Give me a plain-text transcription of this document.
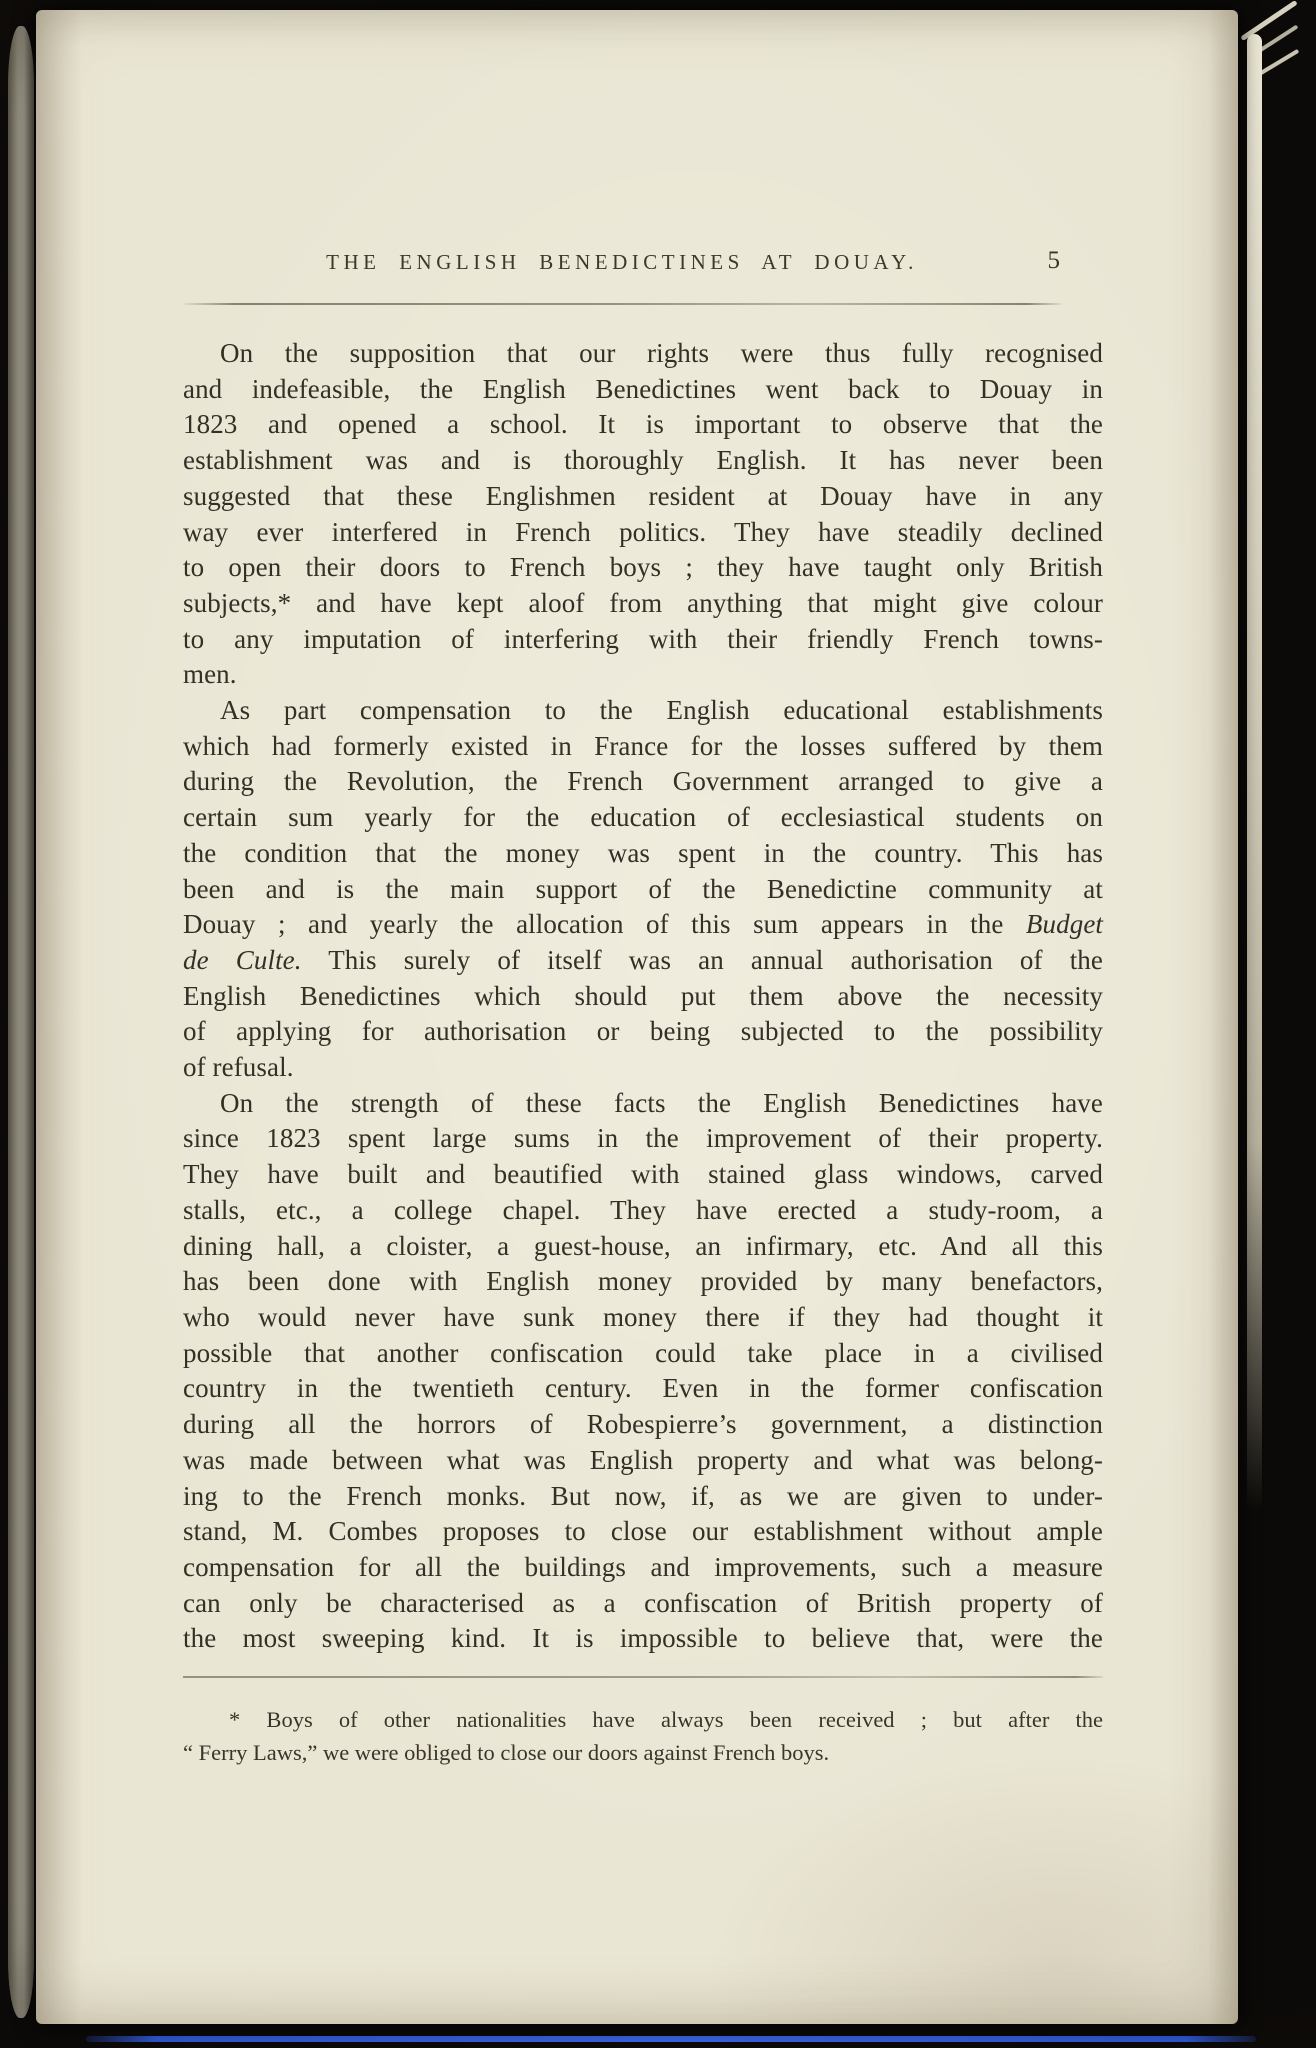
THE ENGLISH BENEDICTINES AT DOUAY.	5
On the supposition that our rights were thus fully recognised
and indefeasible, the English Benedictines went back to Douay in
1823 and opened a school. It is important to observe that the
establishment was and is thoroughly English. It has never been
suggested that these Englishmen resident at Douay have in any
way ever interfered in French politics. They have steadily declined
to open their doors to French boys ; they have taught only British
subjects,* and have kept aloof from anything that might give colour
to any imputation of interfering with their friendly French towns-
men.
As part compensation to the English educational establishments
which had formerly existed in France for the losses suffered by them
during the Revolution, the French Government arranged to give a
certain sum yearly for the education of ecclesiastical students on
the condition that the money was spent in the country. This has
been and is the main support of the Benedictine community at
Douay ; and yearly the allocation of this sum appears in the Budget
de Culte. This surely of itself was an annual authorisation of the
English Benedictines which should put them above the necessity
of applying for authorisation or being subjected to the possibility
of refusal.
On the strength of these facts the English Benedictines have
since 1823 spent large sums in the improvement of their property.
They have built and beautified with stained glass windows, carved
stalls, etc., a college chapel. They have erected a study-room, a
dining hall, a cloister, a guest-house, an infirmary, etc. And all this
has been done with English money provided by many benefactors,
who would never have sunk money there if they had thought it
possible that another confiscation could take place in a civilised
country in the twentieth century. Even in the former confiscation
during all the horrors of Robespierre’s government, a distinction
was made between what was English property and what was belong-
ing to the French monks. But now, if, as we are given to under-
stand, M. Combes proposes to close our establishment without ample
compensation for all the buildings and improvements, such a measure
can only be characterised as a confiscation of British property of
the most sweeping kind. It is impossible to believe that, were the
* Boys of other nationalities have always been received ; but after the
“ Ferry Laws,” we were obliged to close our doors against French boys.
